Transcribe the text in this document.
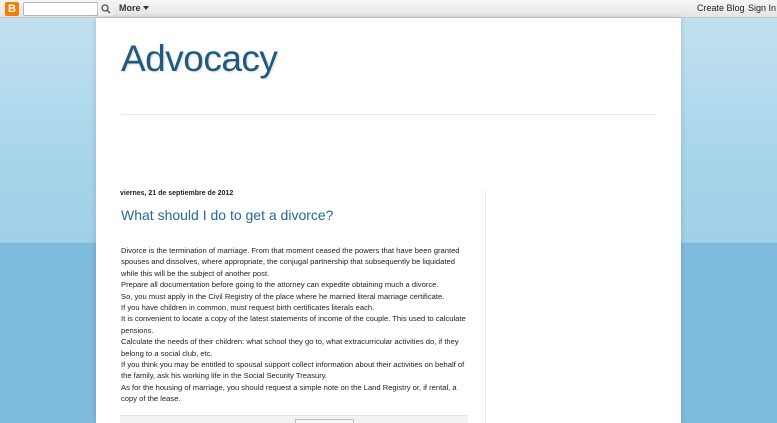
B	More	Create Blog Sign In
Advocacy
viernes, 21 de septiembre de 2012
What should I do to get a divorce?

Divorce is the termination of marriage. From that moment ceased the powers that have been granted spouses and dissolves, where appropriate, the conjugal partnership that subsequently be liquidated while this will be the subject of another post.

Prepare all documentation before going to the attorney can expedite obtaining much a divorce.

So, you must apply in the Civil Registry of the place where he married literal marriage certificate.

If you have children in common, must request birth certificates literals each.

It is convenient to locate a copy of the latest statements of income of the couple. This used to calculate pensions.

Calculate the needs of their children: what school they go to, what extracurricular activities do, if they belong to a social club, etc.

If you think you may be entitled to spousal support collect information about their activities on behalf of the family, ask his working life in the Social Security Treasury.

As for the housing of marriage, you should request a simple note on the Land Registry or, if rental, a copy of the lease.
